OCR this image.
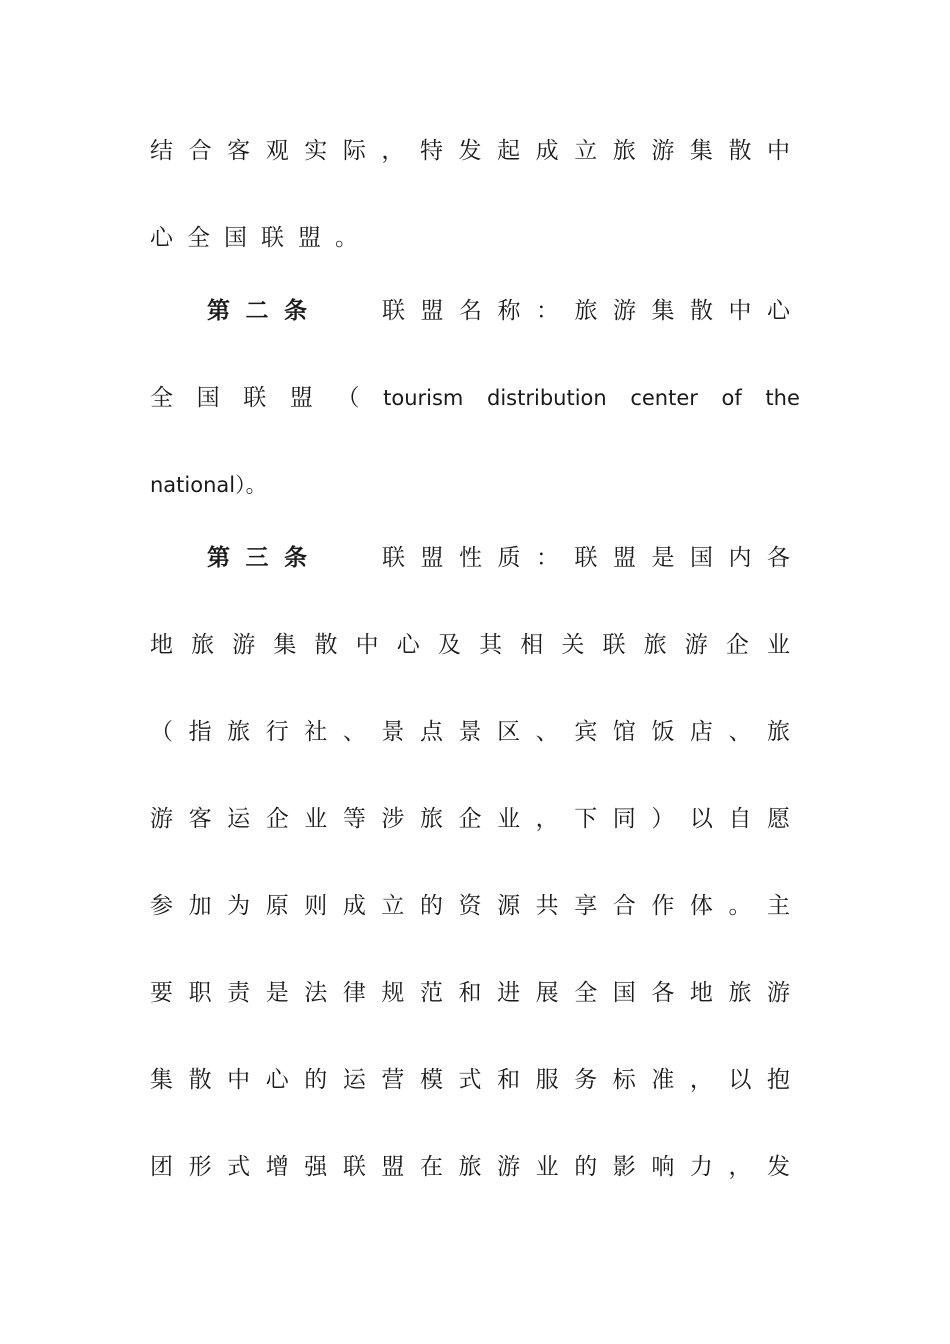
结​合​客​观​实​际​，​特​发​起​成​立​旅​游​集​散​中
心全国联盟。
第​二​条 联​盟​名​称​：​旅​游​集​散​中​心
全 国 联 盟 （ tourism distribution center of the
national）。
第​三​条 联​盟​性​质​：​联​盟​是​国​内​各
地​旅​游​集​散​中​心​及​其​相​关​联​旅​游​企​业
（​指​旅​行​社​、​景​点​景​区​、​宾​馆​饭​店​、​旅
游​客​运​企​业​等​涉​旅​企​业​，​下​同​）​以​自​愿
参​加​为​原​则​成​立​的​资​源​共​享​合​作​体​。​主
要​职​责​是​法​律​规​范​和​进​展​全​国​各​地​旅​游
集​散​中​心​的​运​营​模​式​和​服​务​标​准​，​以​抱
团​形​式​增​强​联​盟​在​旅​游​业​的​影​响​力​，​发
